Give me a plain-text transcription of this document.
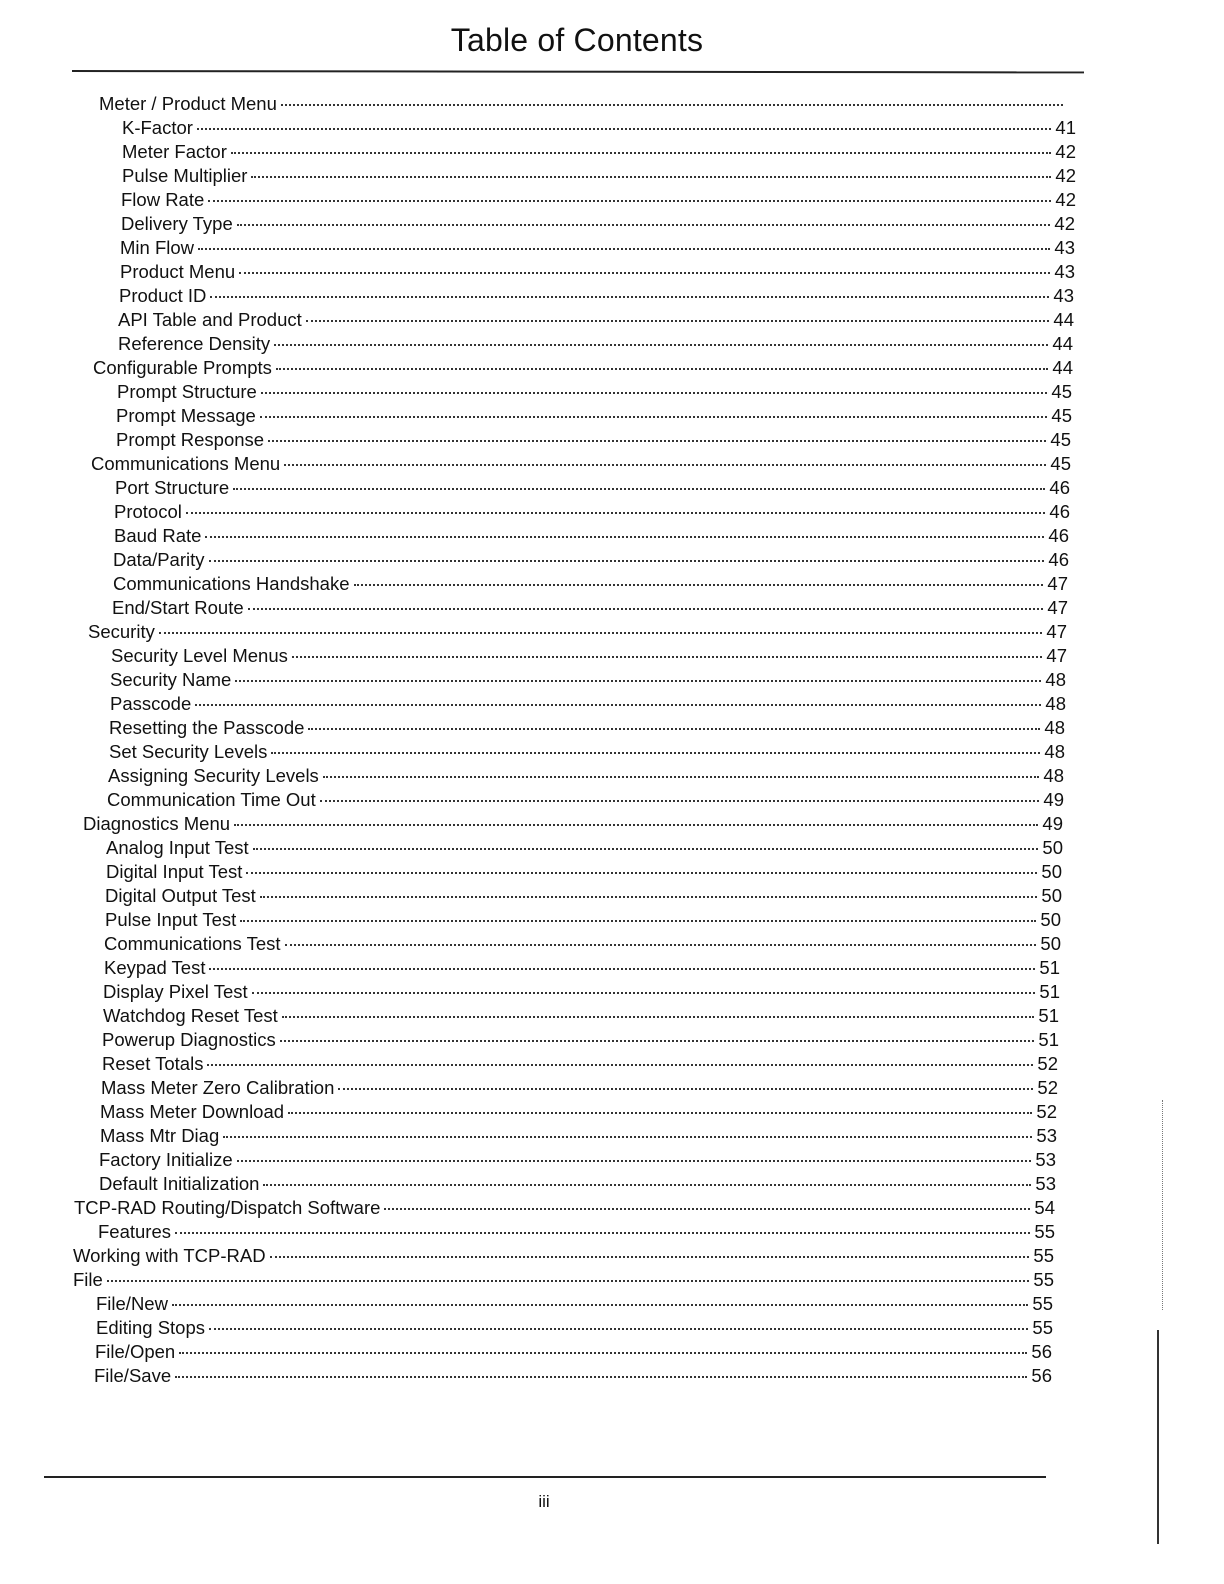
Table of Contents
Meter / Product Menu
K-Factor	41
Meter Factor	42
Pulse Multiplier	42
Flow Rate	42
Delivery Type	42
Min Flow	43
Product Menu	43
Product ID	43
API Table and Product	44
Reference Density	44
Configurable Prompts	44
Prompt Structure	45
Prompt Message	45
Prompt Response	45
Communications Menu	45
Port Structure	46
Protocol	46
Baud Rate	46
Data/Parity	46
Communications Handshake	47
End/Start Route	47
Security	47
Security Level Menus	47
Security Name	48
Passcode	48
Resetting the Passcode	48
Set Security Levels	48
Assigning Security Levels	48
Communication Time Out	49
Diagnostics Menu	49
Analog Input Test	50
Digital Input Test	50
Digital Output Test	50
Pulse Input Test	50
Communications Test	50
Keypad Test	51
Display Pixel Test	51
Watchdog Reset Test	51
Powerup Diagnostics	51
Reset Totals	52
Mass Meter Zero Calibration	52
Mass Meter Download	52
Mass Mtr Diag	53
Factory Initialize	53
Default Initialization	53
TCP-RAD Routing/Dispatch Software	54
Features	55
Working with TCP-RAD	55
File	55
File/New	55
Editing Stops	55
File/Open	56
File/Save	56
iii
